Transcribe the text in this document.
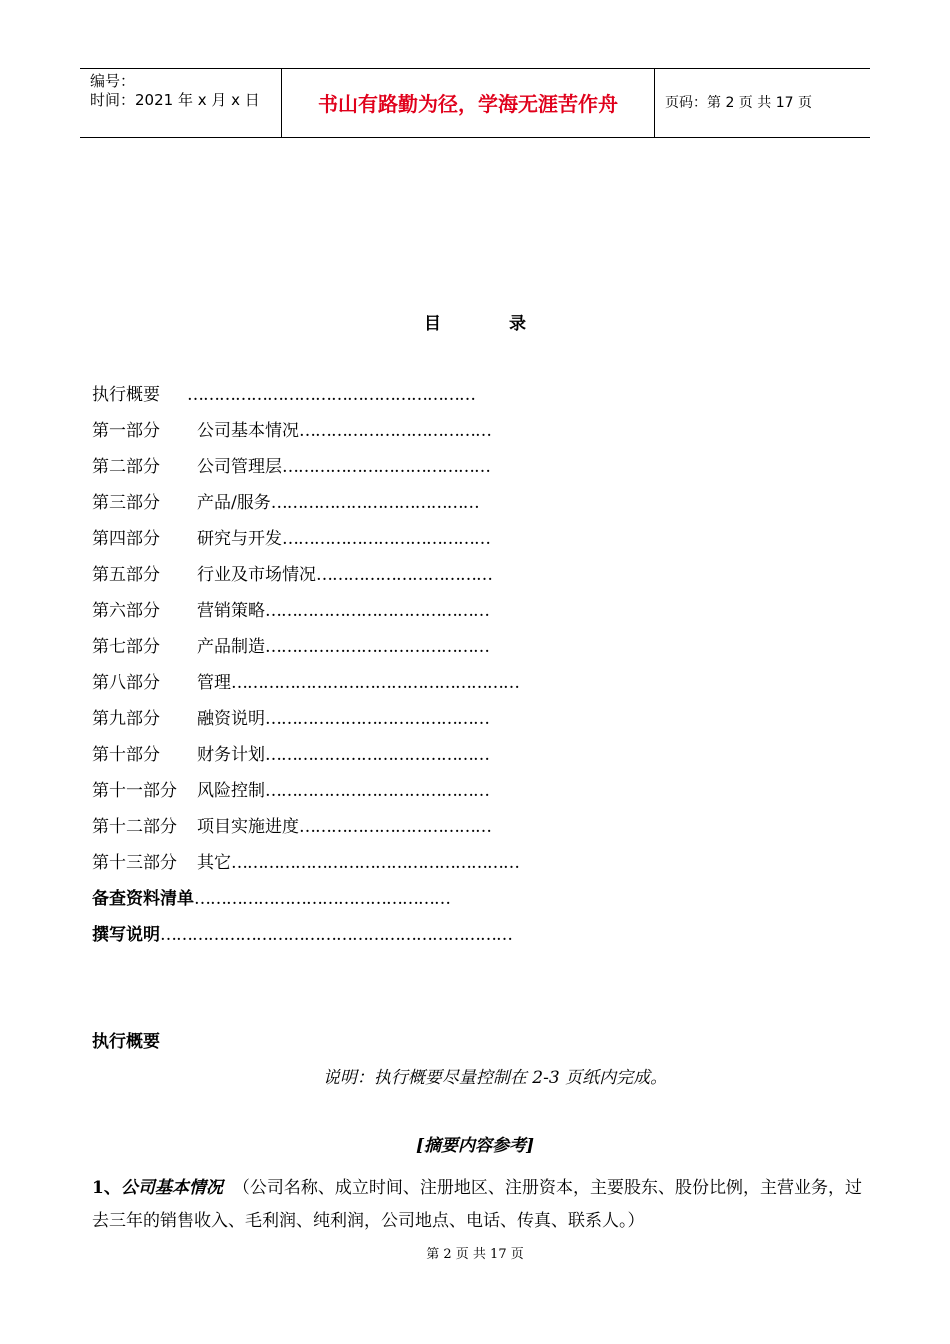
编号：
时间：2021 年 x 月 x 日	书山有路勤为径，学海无涯苦作舟	页码：第 2 页 共 17 页
目	录
执行概要 ………………………………………………
第一部分 公司基本情况………………………………
第二部分 公司管理层…………………………………
第三部分 产品/服务…………………………………
第四部分 研究与开发…………………………………
第五部分 行业及市场情况……………………………
第六部分 营销策略……………………………………
第七部分 产品制造……………………………………
第八部分 管理………………………………………………
第九部分 融资说明……………………………………
第十部分 财务计划……………………………………
第十一部分 风险控制……………………………………
第十二部分 项目实施进度………………………………
第十三部分 其它………………………………………………
备查资料清单…………………………………………
撰写说明…………………………………………………………
执行概要
说明：执行概要尽量控制在 2-3 页纸内完成。
[摘要内容参考]
1、公司基本情况 （公司名称、成立时间、注册地区、注册资本，主要股东、股份比例，主营业务，过去三年的销售收入、毛利润、纯利润，公司地点、电话、传真、联系人。）
第 2 页 共 17 页
